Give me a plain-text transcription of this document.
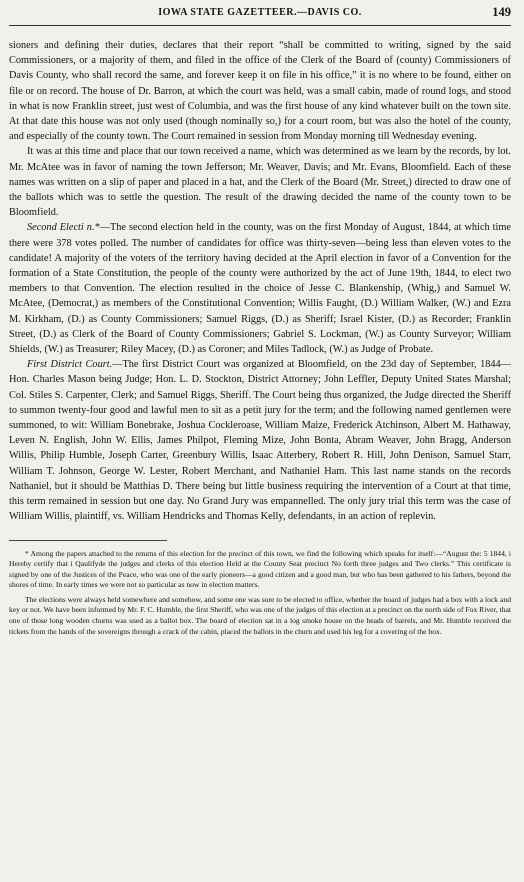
IOWA STATE GAZETTEER.—DAVIS CO.	149

sioners and defining their duties, declares that their report “shall be committed to writing, signed by the said Commissioners, or a majority of them, and filed in the office of the Clerk of the Board of (county) Commissioners of Davis County, who shall record the same, and forever keep it on file in his office,” it is no where to be found, either on file or on record. The house of Dr. Barron, at which the court was held, was a small cabin, made of round logs, and stood in what is now Franklin street, just west of Columbia, and was the first house of any kind whatever built on the town site. At that date this house was not only used (though nominally so,) for a court room, but was also the hotel of the county, and especially of the county town. The Court remained in session from Monday morning till Wednesday evening.

It was at this time and place that our town received a name, which was determined as we learn by the records, by lot. Mr. McAtee was in favor of naming the town Jefferson; Mr. Weaver, Davis; and Mr. Evans, Bloomfield. Each of these names was written on a slip of paper and placed in a hat, and the Clerk of the Board (Mr. Street,) directed to draw one of the ballots which was to settle the question. The result of the drawing decided the name of the county town to be Bloomfield.

Second Electi n.*—The second election held in the county, was on the first Monday of August, 1844, at which time there were 378 votes polled. The number of candidates for office was thirty-seven—being less than eleven votes to the candidate! A majority of the voters of the territory having decided at the April election in favor of a Convention for the formation of a State Constitution, the people of the county were authorized by the act of June 19th, 1844, to elect two members to that Convention. The election resulted in the choice of Jesse C. Blankenship, (Whig,) and Samuel W. McAtee, (Democrat,) as members of the Constitutional Convention; Willis Faught, (D.) William Walker, (W.) and Ezra M. Kirkham, (D.) as County Commissioners; Samuel Riggs, (D.) as Sheriff; Israel Kister, (D.) as Recorder; Franklin Street, (D.) as Clerk of the Board of County Commissioners; Gabriel S. Lockman, (W.) as County Surveyor; William Shields, (W.) as Treasurer; Riley Macey, (D.) as Coroner; and Miles Tadlock, (W.) as Judge of Probate.

First District Court.—The first District Court was organized at Bloomfield, on the 23d day of September, 1844—Hon. Charles Mason being Judge; Hon. L. D. Stockton, District Attorney; John Leffler, Deputy United States Marshal; Col. Stiles S. Carpenter, Clerk; and Samuel Riggs, Sheriff. The Court being thus organized, the Judge directed the Sheriff to summon twenty-four good and lawful men to sit as a petit jury for the term; and the following named gentlemen were summoned, to wit: William Bonebrake, Joshua Cockleroase, William Maize, Frederick Atchinson, Albert M. Hathaway, Leven N. English, John W. Ellis, James Philpot, Fleming Mize, John Bonta, Abram Weaver, John Bragg, Anderson Willis, Philip Humble, Joseph Carter, Greenbury Willis, Isaac Atterbery, Robert R. Hill, John Denison, Samuel Starr, William T. Johnson, George W. Lester, Robert Merchant, and Nathaniel Ham. This last name stands on the records Nathaniel, but it should be Matthias D. There being but little business requiring the intervention of a Court at that time, this term remained in session but one day. No Grand Jury was empannelled. The only jury trial this term was the case of William Willis, plaintiff, vs. William Hendricks and Thomas Kelly, defendants, in an action of replevin.

* Among the papers attached to the returns of this election for the precinct of this town, we find the following which speaks for itself:—“August the: 5 1844, i Hereby certify that i Qaulifyde the judges and clerks of this election Held at the County Seat precinct No forth three judges and Two clerks.” This certificate is signed by one of the Justices of the Peace, who was one of the early pioneers—a good citizen and a good man, but who has been gathered to his fathers, beyond the shores of time. In early times we were not so particular as now in election matters.

The elections were always held somewhere and somehow, and some one was sure to be elected to office, whether the board of judges had a box with a lock and key or not. We have been informed by Mr. F. C. Humble, the first Sheriff, who was one of the judges of this election at a precinct on the north side of Fox River, that one of those long wooden churns was used as a ballot box. The board of election sat in a log smoke house on the heads of barrels, and Mr. Humble received the tickets from the hands of the sovereigns through a crack of the cabin, placed the ballots in the churn and used his leg for a covering of the box.
